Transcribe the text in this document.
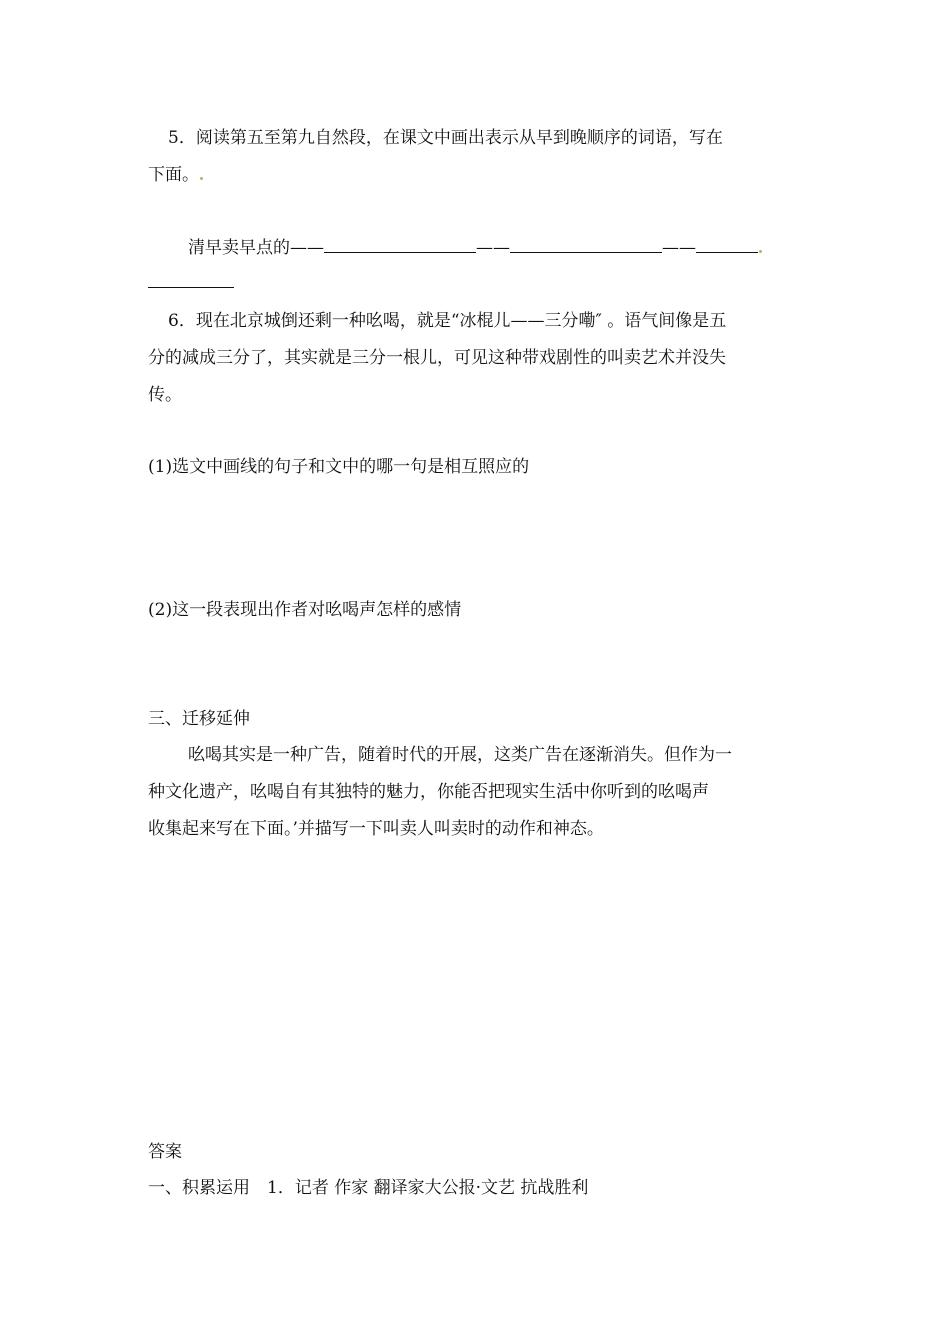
5．阅读第五至第九自然段，在课文中画出表示从早到晚顺序的词语，写在
下面。
清早卖早点的——	——	——
6．现在北京城倒还剩一种吆喝，就是“冰棍儿——三分嘞″ 。语气间像是五
分的减成三分了，其实就是三分一根儿，可见这种带戏剧性的叫卖艺术并没失
传。
(1)选文中画线的句子和文中的哪一句是相互照应的
(2)这一段表现出作者对吆喝声怎样的感情
三、迁移延伸
吆喝其实是一种广告，随着时代的开展，这类广告在逐渐消失。但作为一
种文化遗产，吆喝自有其独特的魅力，你能否把现实生活中你听到的吆喝声
收集起来写在下面。’并描写一下叫卖人叫卖时的动作和神态。
答案
一、积累运用　1．记者 作家 翻译家大公报·文艺 抗战胜利
